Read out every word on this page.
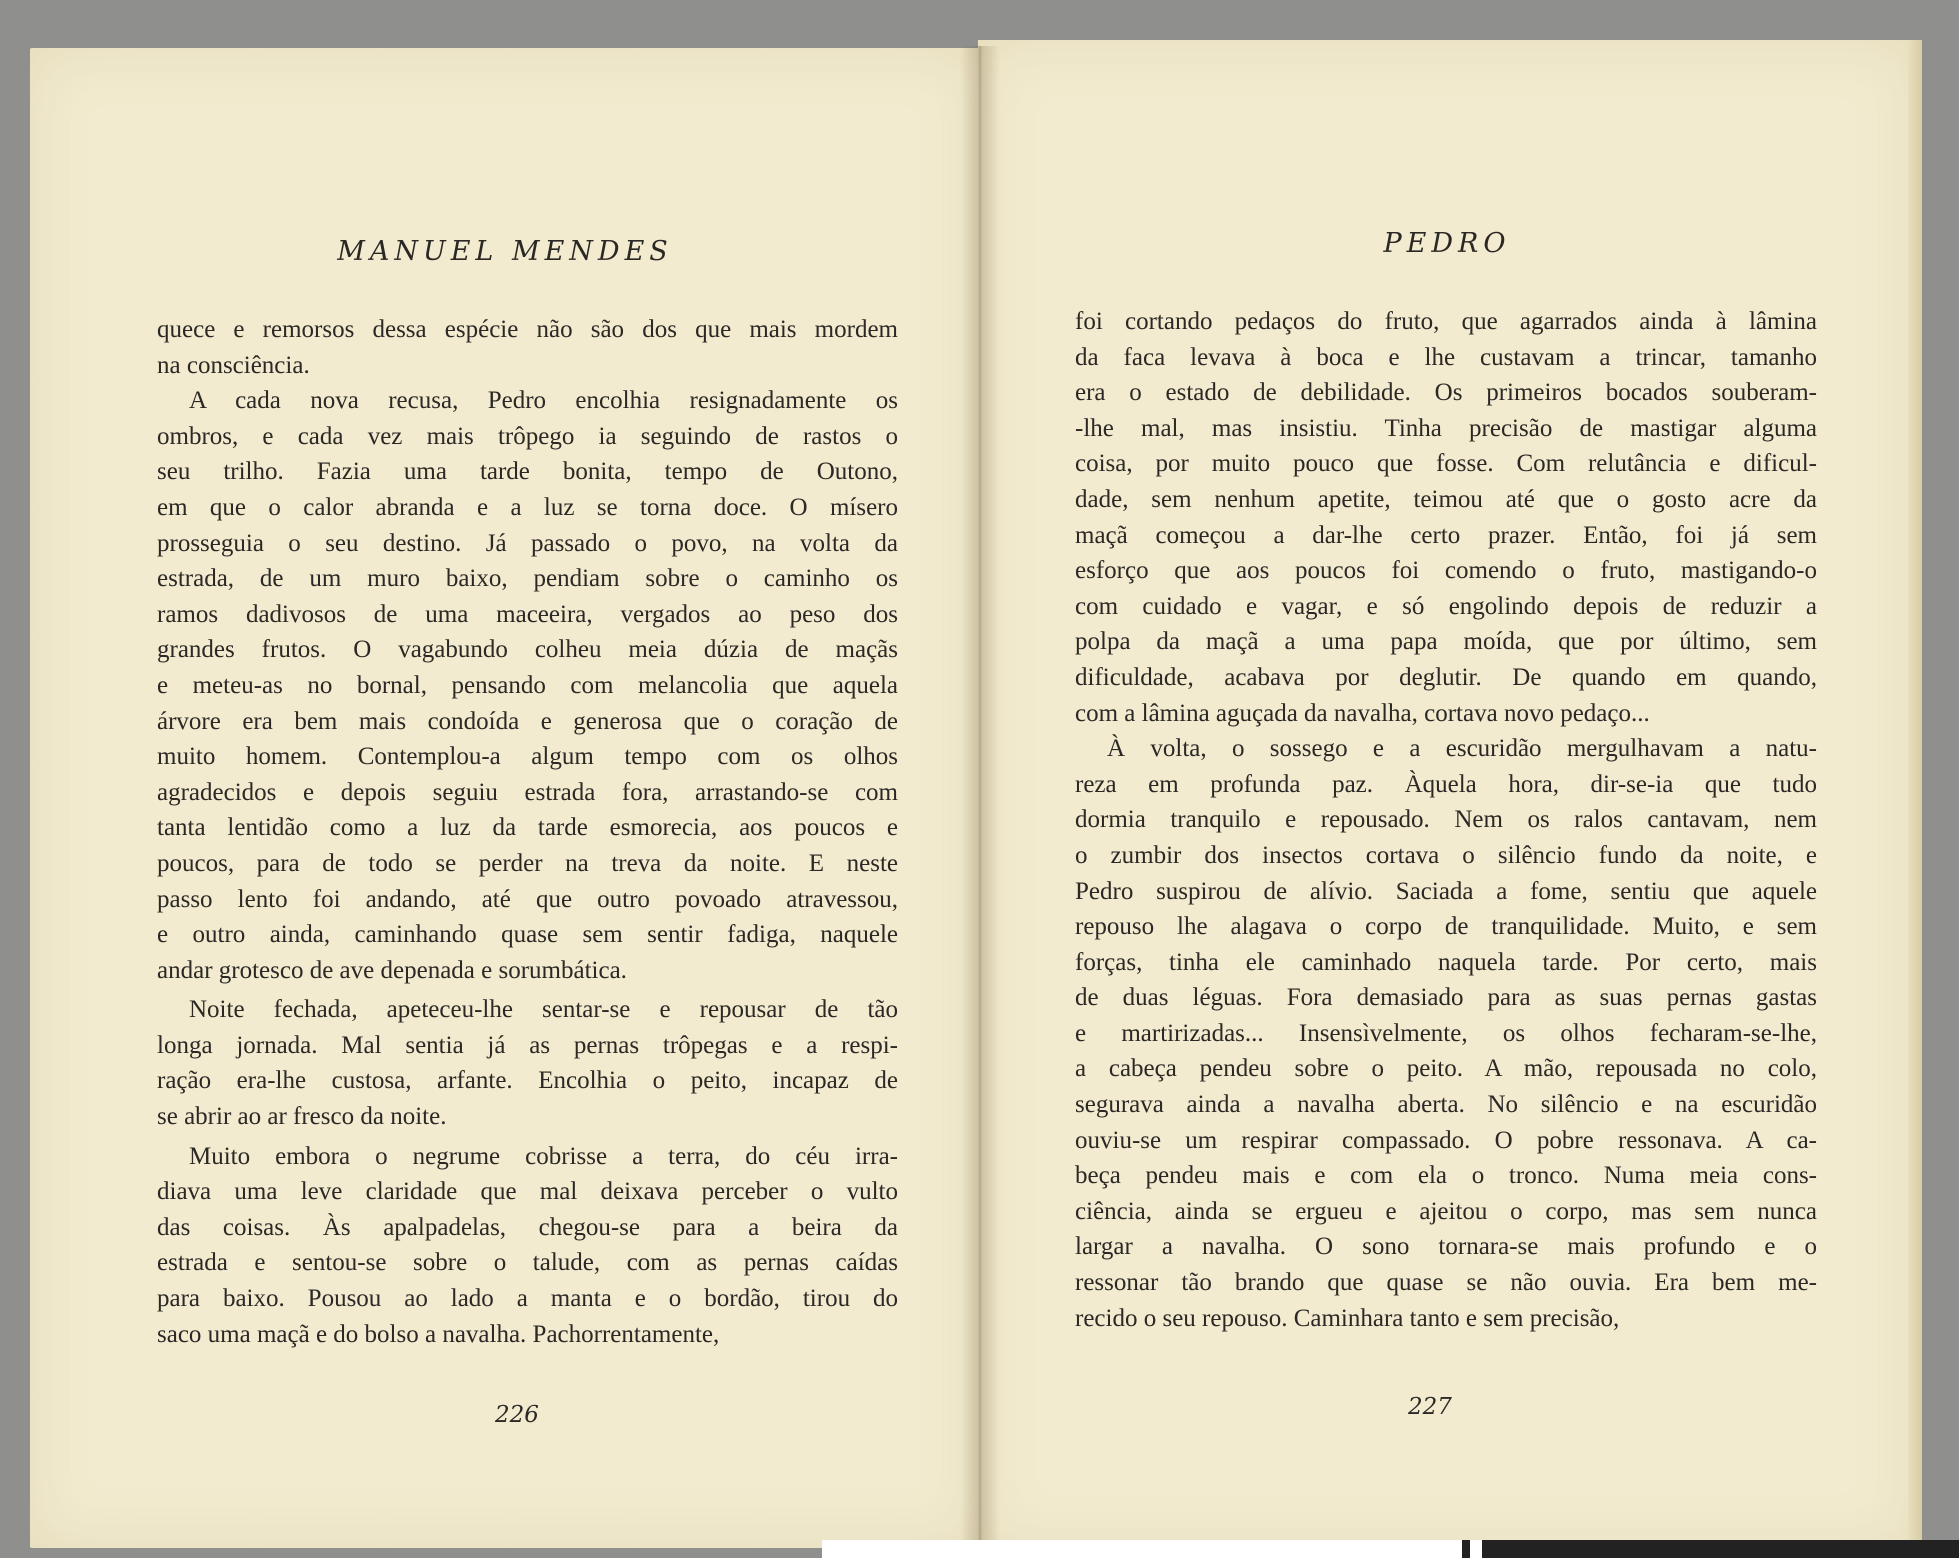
MANUEL MENDES
quece e remorsos dessa espécie não são dos que mais mordem
na consciência.
A cada nova recusa, Pedro encolhia resignadamente os
ombros, e cada vez mais trôpego ia seguindo de rastos o
seu trilho. Fazia uma tarde bonita, tempo de Outono,
em que o calor abranda e a luz se torna doce. O mísero
prosseguia o seu destino. Já passado o povo, na volta da
estrada, de um muro baixo, pendiam sobre o caminho os
ramos dadivosos de uma maceeira, vergados ao peso dos
grandes frutos. O vagabundo colheu meia dúzia de maçãs
e meteu-as no bornal, pensando com melancolia que aquela
árvore era bem mais condoída e generosa que o coração de
muito homem. Contemplou-a algum tempo com os olhos
agradecidos e depois seguiu estrada fora, arrastando-se com
tanta lentidão como a luz da tarde esmorecia, aos poucos e
poucos, para de todo se perder na treva da noite. E neste
passo lento foi andando, até que outro povoado atravessou,
e outro ainda, caminhando quase sem sentir fadiga, naquele
andar grotesco de ave depenada e sorumbática.
Noite fechada, apeteceu-lhe sentar-se e repousar de tão
longa jornada. Mal sentia já as pernas trôpegas e a respi-
ração era-lhe custosa, arfante. Encolhia o peito, incapaz de
se abrir ao ar fresco da noite.
Muito embora o negrume cobrisse a terra, do céu irra-
diava uma leve claridade que mal deixava perceber o vulto
das coisas. Às apalpadelas, chegou-se para a beira da
estrada e sentou-se sobre o talude, com as pernas caídas
para baixo. Pousou ao lado a manta e o bordão, tirou do
saco uma maçã e do bolso a navalha. Pachorrentamente,
226
PEDRO
foi cortando pedaços do fruto, que agarrados ainda à lâmina
da faca levava à boca e lhe custavam a trincar, tamanho
era o estado de debilidade. Os primeiros bocados souberam-
-lhe mal, mas insistiu. Tinha precisão de mastigar alguma
coisa, por muito pouco que fosse. Com relutância e dificul-
dade, sem nenhum apetite, teimou até que o gosto acre da
maçã começou a dar-lhe certo prazer. Então, foi já sem
esforço que aos poucos foi comendo o fruto, mastigando-o
com cuidado e vagar, e só engolindo depois de reduzir a
polpa da maçã a uma papa moída, que por último, sem
dificuldade, acabava por deglutir. De quando em quando,
com a lâmina aguçada da navalha, cortava novo pedaço...
À volta, o sossego e a escuridão mergulhavam a natu-
reza em profunda paz. Àquela hora, dir-se-ia que tudo
dormia tranquilo e repousado. Nem os ralos cantavam, nem
o zumbir dos insectos cortava o silêncio fundo da noite, e
Pedro suspirou de alívio. Saciada a fome, sentiu que aquele
repouso lhe alagava o corpo de tranquilidade. Muito, e sem
forças, tinha ele caminhado naquela tarde. Por certo, mais
de duas léguas. Fora demasiado para as suas pernas gastas
e martirizadas... Insensìvelmente, os olhos fecharam-se-lhe,
a cabeça pendeu sobre o peito. A mão, repousada no colo,
segurava ainda a navalha aberta. No silêncio e na escuridão
ouviu-se um respirar compassado. O pobre ressonava. A ca-
beça pendeu mais e com ela o tronco. Numa meia cons-
ciência, ainda se ergueu e ajeitou o corpo, mas sem nunca
largar a navalha. O sono tornara-se mais profundo e o
ressonar tão brando que quase se não ouvia. Era bem me-
recido o seu repouso. Caminhara tanto e sem precisão,
227
